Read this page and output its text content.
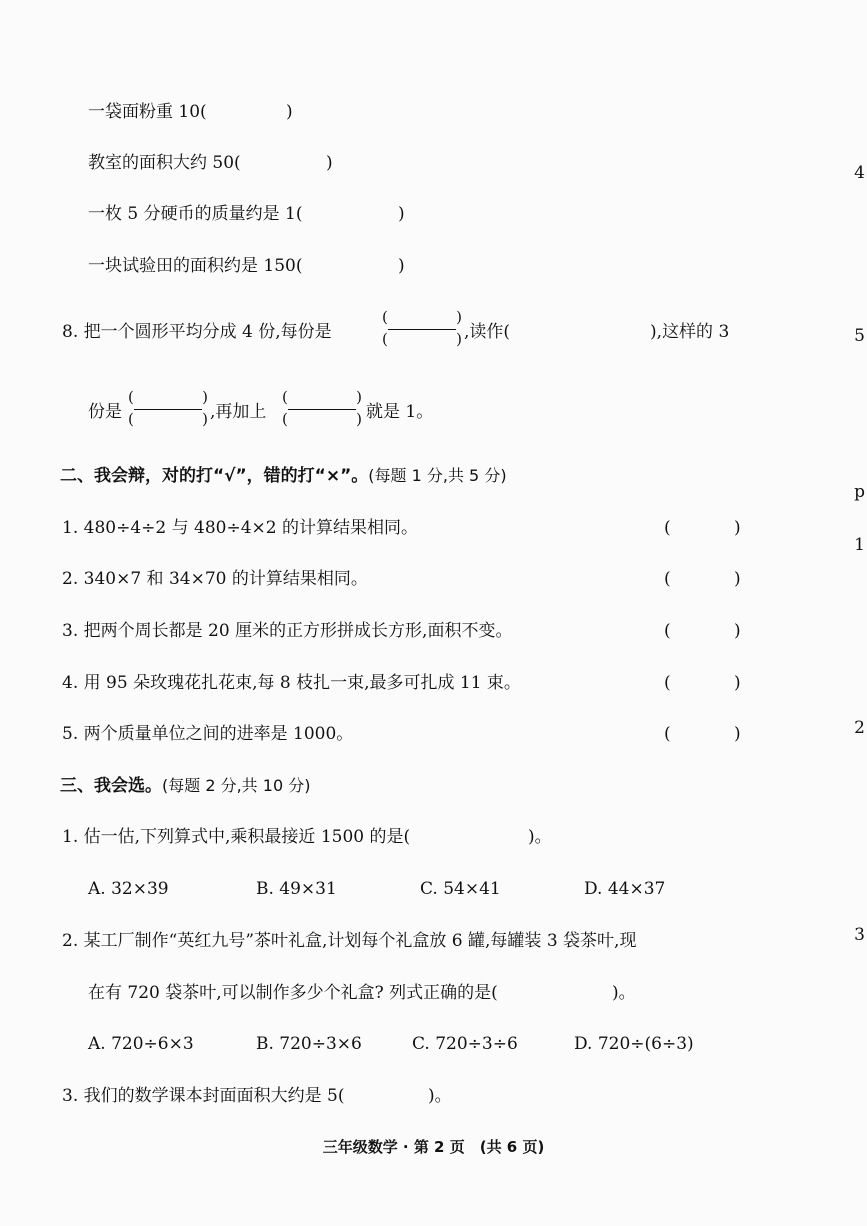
一袋面粉重 10(	)
教室的面积大约 50(	)
一枚 5 分硬币的质量约是 1(	)
一块试验田的面积约是 150(	)
8. 把一个圆形平均分成 4 份,每份是
(	)
(	) ,读作(	),这样的 3
份是
(	)
(	) ,再加上
(	)
(	) 就是 1。
二、我会辩，对的打“√”，错的打“×”。(每题 1 分,共 5 分)
1. 480÷4÷2 与 480÷4×2 的计算结果相同。	(	)
2. 340×7 和 34×70 的计算结果相同。	(	)
3. 把两个周长都是 20 厘米的正方形拼成长方形,面积不变。	(	)
4. 用 95 朵玫瑰花扎花束,每 8 枝扎一束,最多可扎成 11 束。	(	)
5. 两个质量单位之间的进率是 1000。	(	)
三、我会选。(每题 2 分,共 10 分)
1. 估一估,下列算式中,乘积最接近 1500 的是(	)。
A. 32×39	B. 49×31	C. 54×41	D. 44×37
2. 某工厂制作“英红九号”茶叶礼盒,计划每个礼盒放 6 罐,每罐装 3 袋茶叶,现
在有 720 袋茶叶,可以制作多少个礼盒? 列式正确的是(	)。
A. 720÷6×3	B. 720÷3×6	C. 720÷3÷6	D. 720÷(6÷3)
3. 我们的数学课本封面面积大约是 5(	)。
4
5
p
1
2
3
三年级数学 · 第 2 页　(共 6 页)
